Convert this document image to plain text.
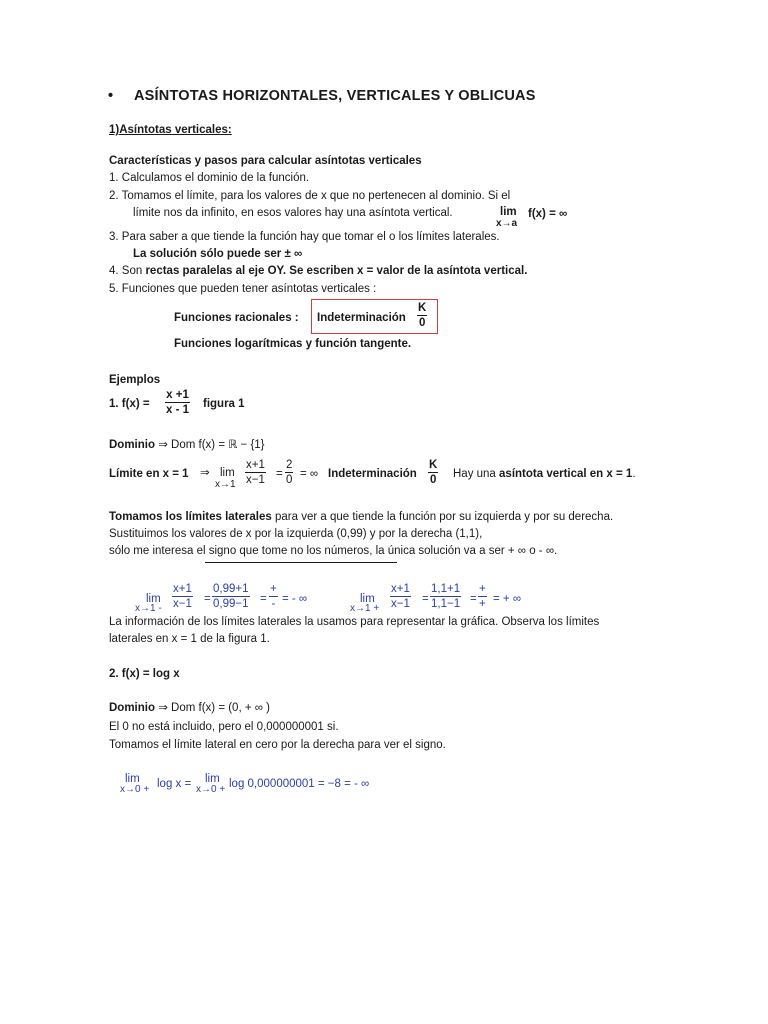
• ASÍNTOTAS HORIZONTALES, VERTICALES Y OBLICUAS
1)Asíntotas verticales:
Características y pasos para calcular asíntotas verticales
1. Calculamos el dominio de la función.
2. Tomamos el límite, para los valores de x que no pertenecen al dominio. Si el
límite nos da infinito, en esos valores hay una asíntota vertical.	lim
x→a
f(x) = ∞
3. Para saber a que tiende la función hay que tomar el o los límites laterales.
La solución sólo puede ser ± ∞
4. Son rectas paralelas al eje OY. Se escriben x = valor de la asíntota vertical.
5. Funciones que pueden tener asíntotas verticales :
Funciones racionales : Indeterminación $\frac{K}{0}$
Funciones logarítmicas y función tangente.
Ejemplos
1. $f(x) = \frac{x +1}{x - 1}$ figura 1
Dominio ⇒ Dom f(x) = ℝ − {1}
Límite en x = 1 ⇒ lim
$x\to 1 \frac{x+1}{x-1} = \frac{2}{0}$ = ∞ Indeterminación $\frac{K}{0}$ Hay una asíntota vertical en x = 1.
Tomamos los límites laterales para ver a que tiende la función por su izquierda y por su derecha.
Sustituimos los valores de x por la izquierda (0,99) y por la derecha (1,1),
sólo me interesa el signo que tome no los números, la única solución va a ser + ∞ o - ∞.
lim
$x\to 1 - \frac{x+1}{x-1} = \frac{0,99+1}{0,99-1}$ =
+
- = - ∞	lim
$x\to 1 + \frac{x+1}{x-1} = \frac{1,1+1}{1,1-1}$ =
+
+ = + ∞
La información de los límites laterales la usamos para representar la gráfica. Observa los límites
laterales en x = 1 de la figura 1.
2. f(x) = log x
Dominio ⇒ Dom f(x) = (0, + ∞ )
El 0 no está incluido, pero el 0,000000001 si.
Tomamos el límite lateral en cero por la derecha para ver el signo.
lim
x→0 + log x = lim
x→0 + log 0,000000001 = −8 = - ∞
